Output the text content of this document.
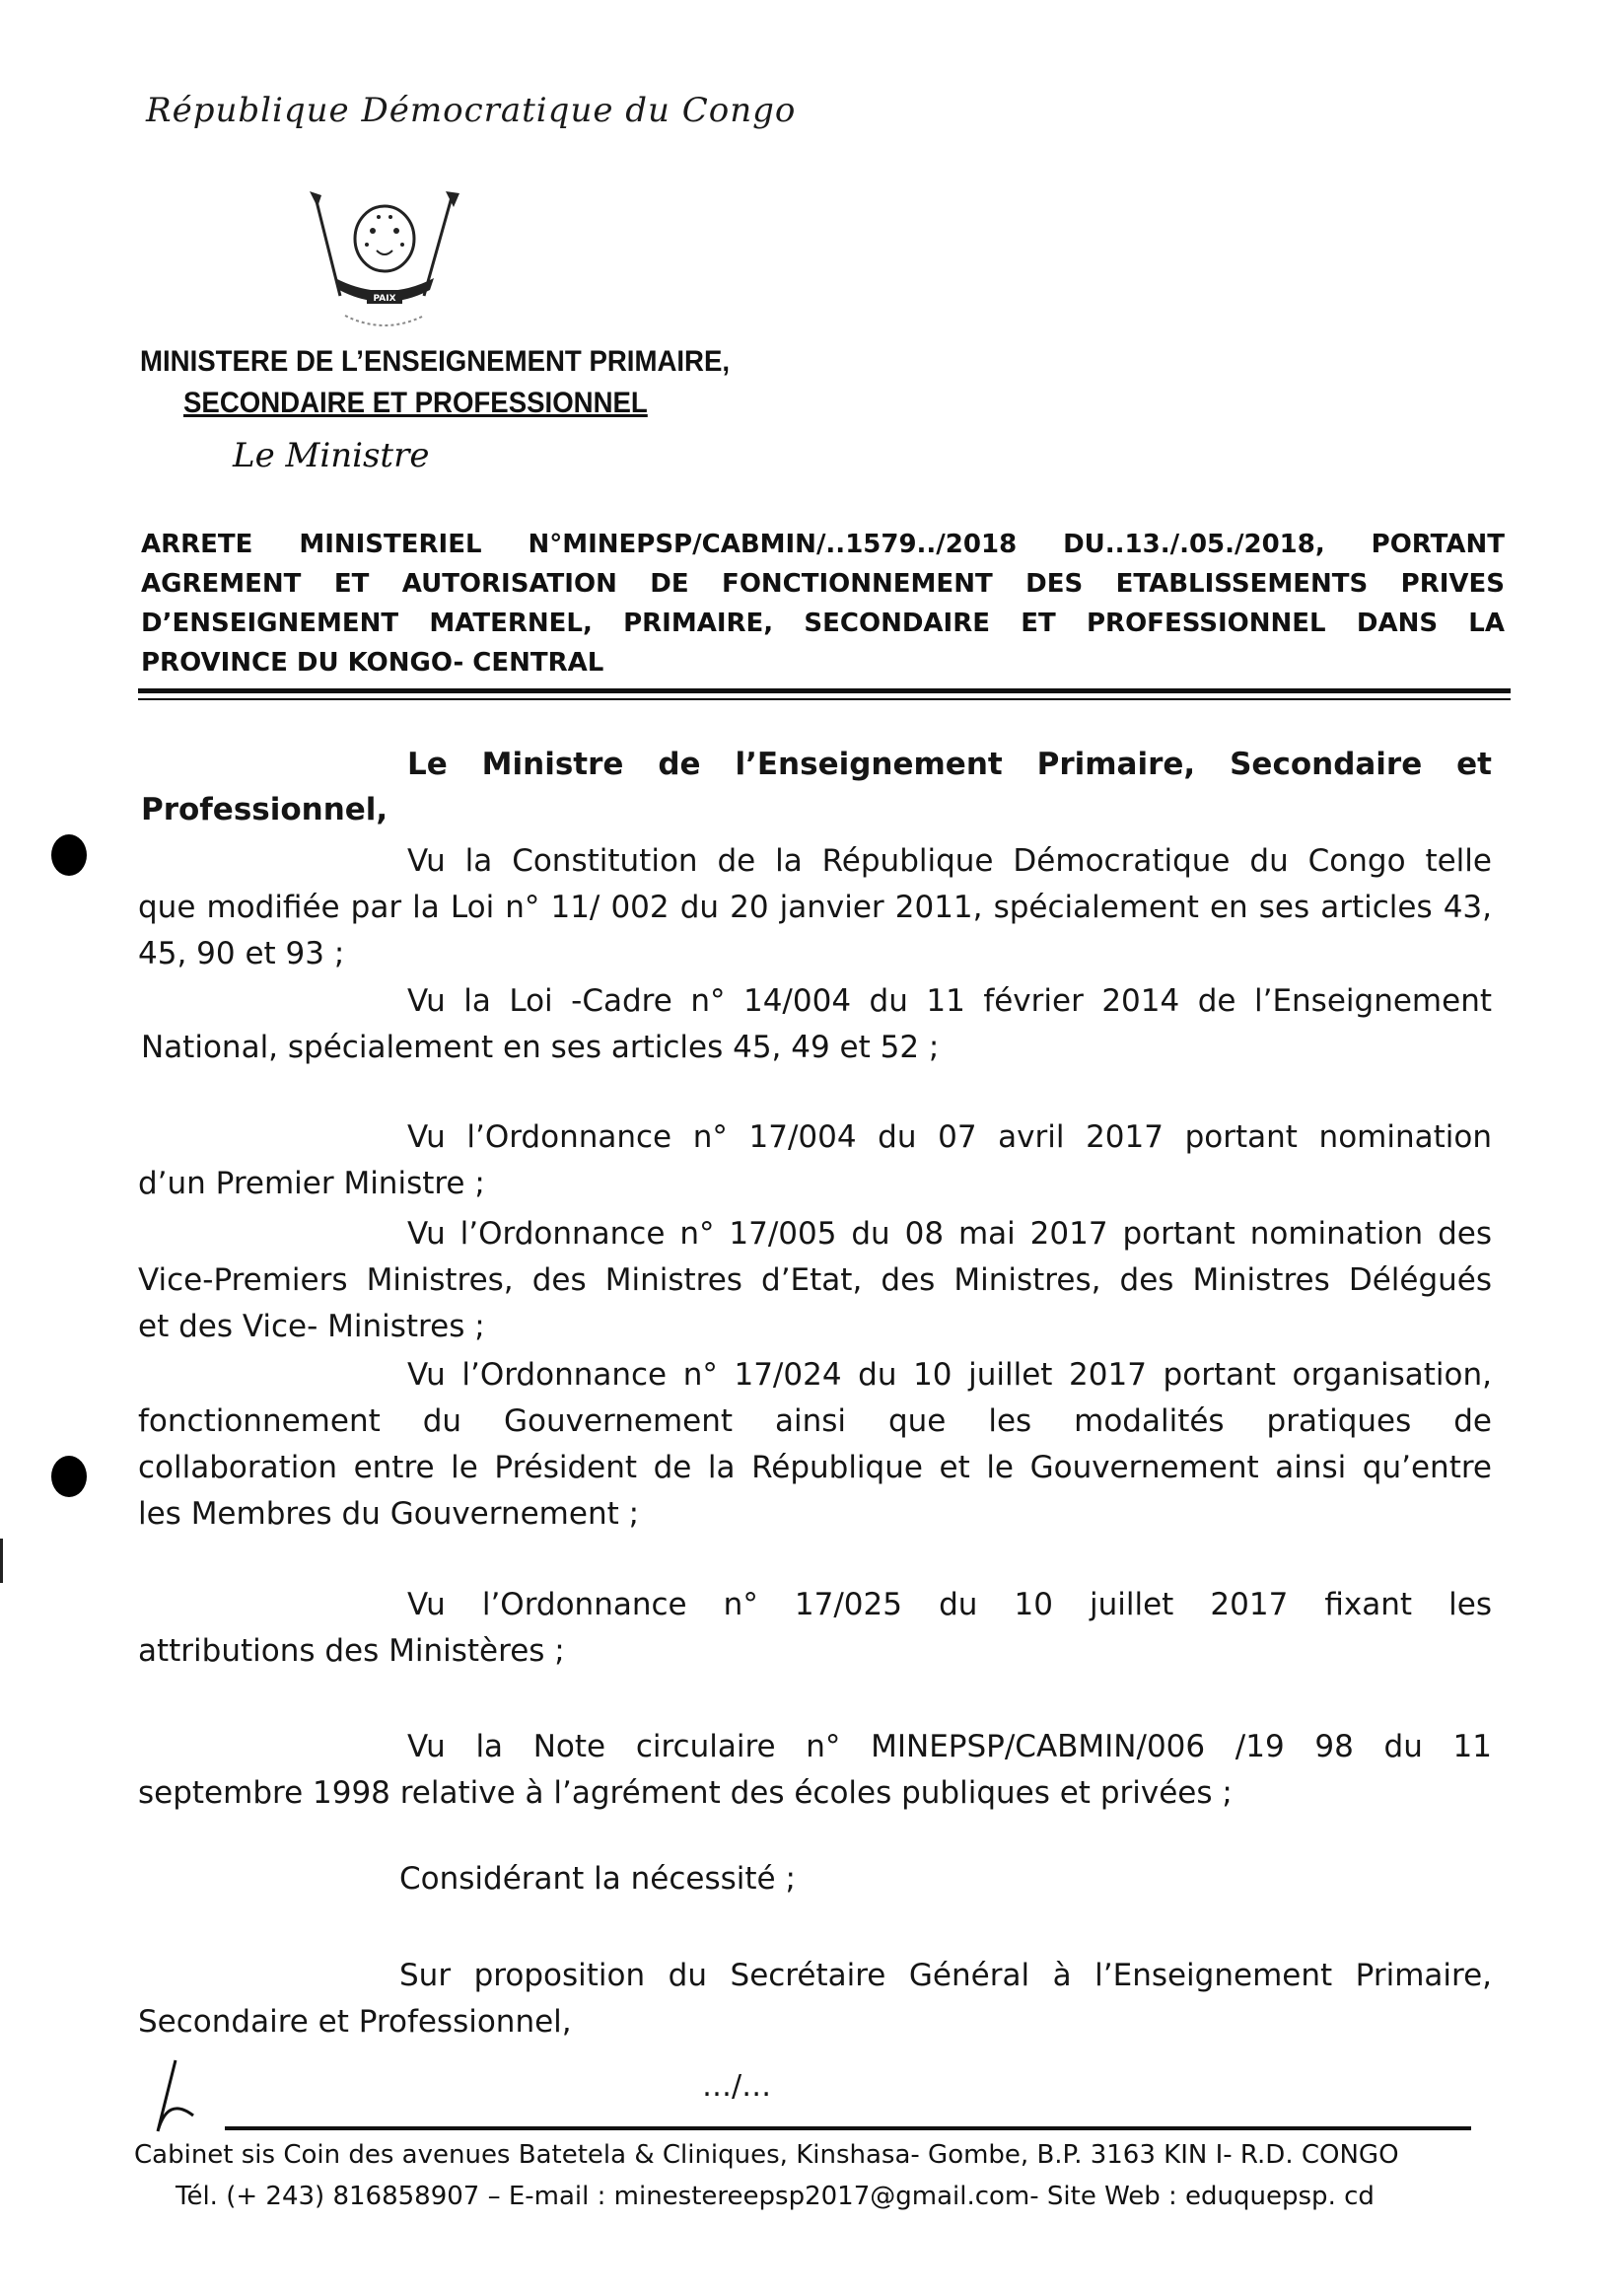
République Démocratique du Congo
PAIX
MINISTERE DE L’ENSEIGNEMENT PRIMAIRE,
SECONDAIRE ET PROFESSIONNEL
Le Ministre
ARRETE MINISTERIEL N°MINEPSP/CABMIN/..1579../2018 DU..13./.05./2018, PORTANT
AGREMENT ET AUTORISATION DE FONCTIONNEMENT DES ETABLISSEMENTS PRIVES
D’ENSEIGNEMENT MATERNEL, PRIMAIRE, SECONDAIRE ET PROFESSIONNEL DANS LA
PROVINCE DU KONGO- CENTRAL
Le Ministre de l’Enseignement Primaire, Secondaire et
Professionnel,
Vu la Constitution de la République Démocratique du Congo telle
que modifiée par la Loi n° 11/ 002 du 20 janvier 2011, spécialement en ses articles 43,
45, 90 et 93 ;
Vu la Loi -Cadre n° 14/004 du 11 février 2014 de l’Enseignement
National, spécialement en ses articles 45, 49 et 52 ;
Vu l’Ordonnance n° 17/004 du 07 avril 2017 portant nomination
d’un Premier Ministre ;
Vu l’Ordonnance n° 17/005 du 08 mai 2017 portant nomination des
Vice-Premiers Ministres, des Ministres d’Etat, des Ministres, des Ministres Délégués
et des Vice- Ministres ;
Vu l’Ordonnance n° 17/024 du 10 juillet 2017 portant organisation,
fonctionnement du Gouvernement ainsi que les modalités pratiques de
collaboration entre le Président de la République et le Gouvernement ainsi qu’entre
les Membres du Gouvernement ;
Vu l’Ordonnance n° 17/025 du 10 juillet 2017 fixant les
attributions des Ministères ;
Vu la Note circulaire n° MINEPSP/CABMIN/006 /19 98 du 11
septembre 1998 relative à l’agrément des écoles publiques et privées ;
Considérant la nécessité ;
Sur proposition du Secrétaire Général à l’Enseignement Primaire,
Secondaire et Professionnel,
…/…
Cabinet sis Coin des avenues Batetela & Cliniques, Kinshasa- Gombe, B.P. 3163 KIN I- R.D. CONGO
Tél. (+ 243) 816858907 – E-mail : minestereepsp2017@gmail.com- Site Web : eduquepsp. cd
